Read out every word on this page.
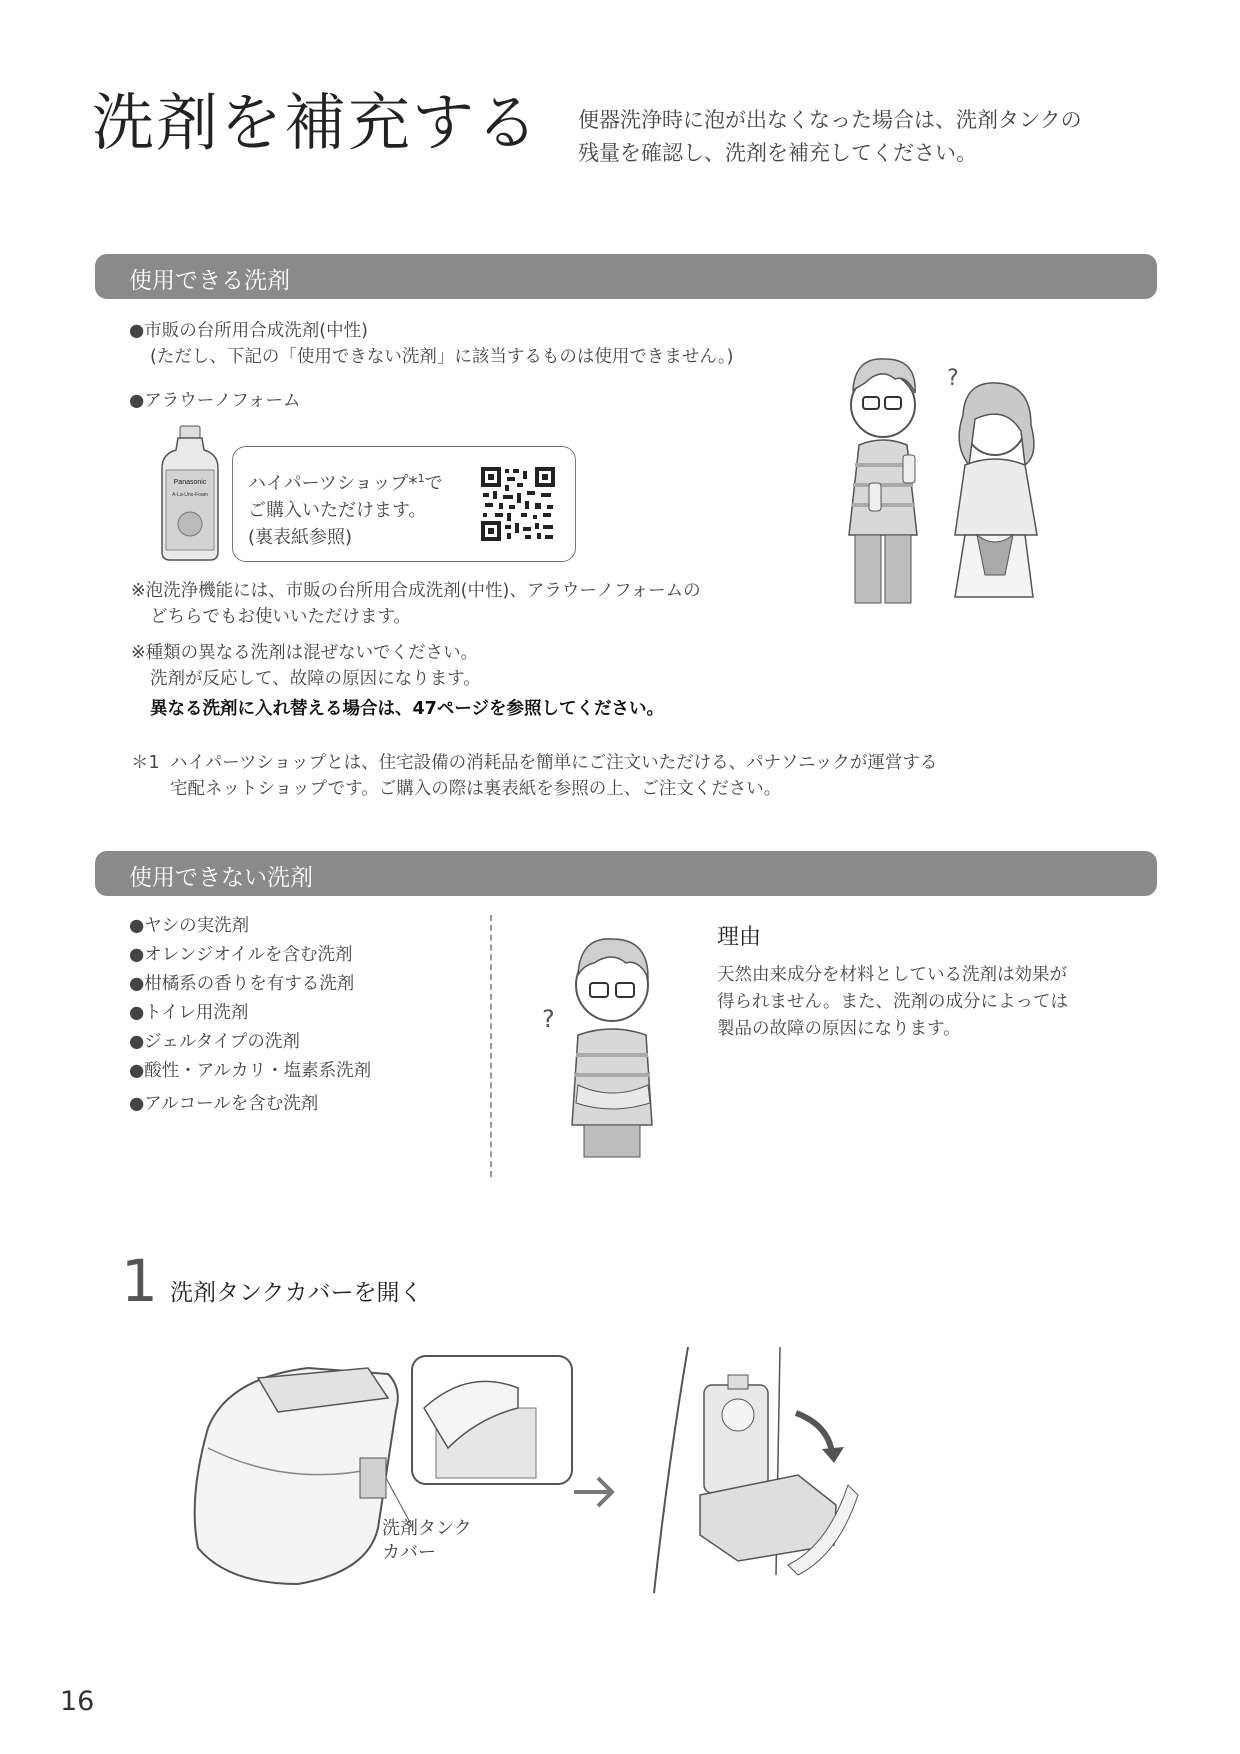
洗剤を補充する 便器洗浄時に泡が出なくなった場合は、洗剤タンクの
残量を確認し、洗剤を補充してください。
使用できる洗剤
●市販の台所用合成洗剤(中性)
(ただし、下記の「使用できない洗剤」に該当するものは使用できません。)
●アラウーノフォーム
Panasonic
A-La-Uno-Foam
ハイパーツショップ*$^1$で
ご購入いただけます。
(裏表紙参照)
?
※泡洗浄機能には、市販の台所用合成洗剤(中性)、アラウーノフォームの
どちらでもお使いいただけます。
※種類の異なる洗剤は混ぜないでください。
洗剤が反応して、故障の原因になります。
異なる洗剤に入れ替える場合は、47ページを参照してください。
＊1 ハイパーツショップとは、住宅設備の消耗品を簡単にご注文いただける、パナソニックが運営する
宅配ネットショップです。ご購入の際は裏表紙を参照の上、ご注文ください。
使用できない洗剤
●ヤシの実洗剤
●オレンジオイルを含む洗剤
●柑橘系の香りを有する洗剤
●トイレ用洗剤
●ジェルタイプの洗剤
●酸性・アルカリ・塩素系洗剤
●アルコールを含む洗剤
?
理由
天然由来成分を材料としている洗剤は効果が
得られません。また、洗剤の成分によっては
製品の故障の原因になります。
1 洗剤タンクカバーを開く
洗剤タンク
カバー
16
